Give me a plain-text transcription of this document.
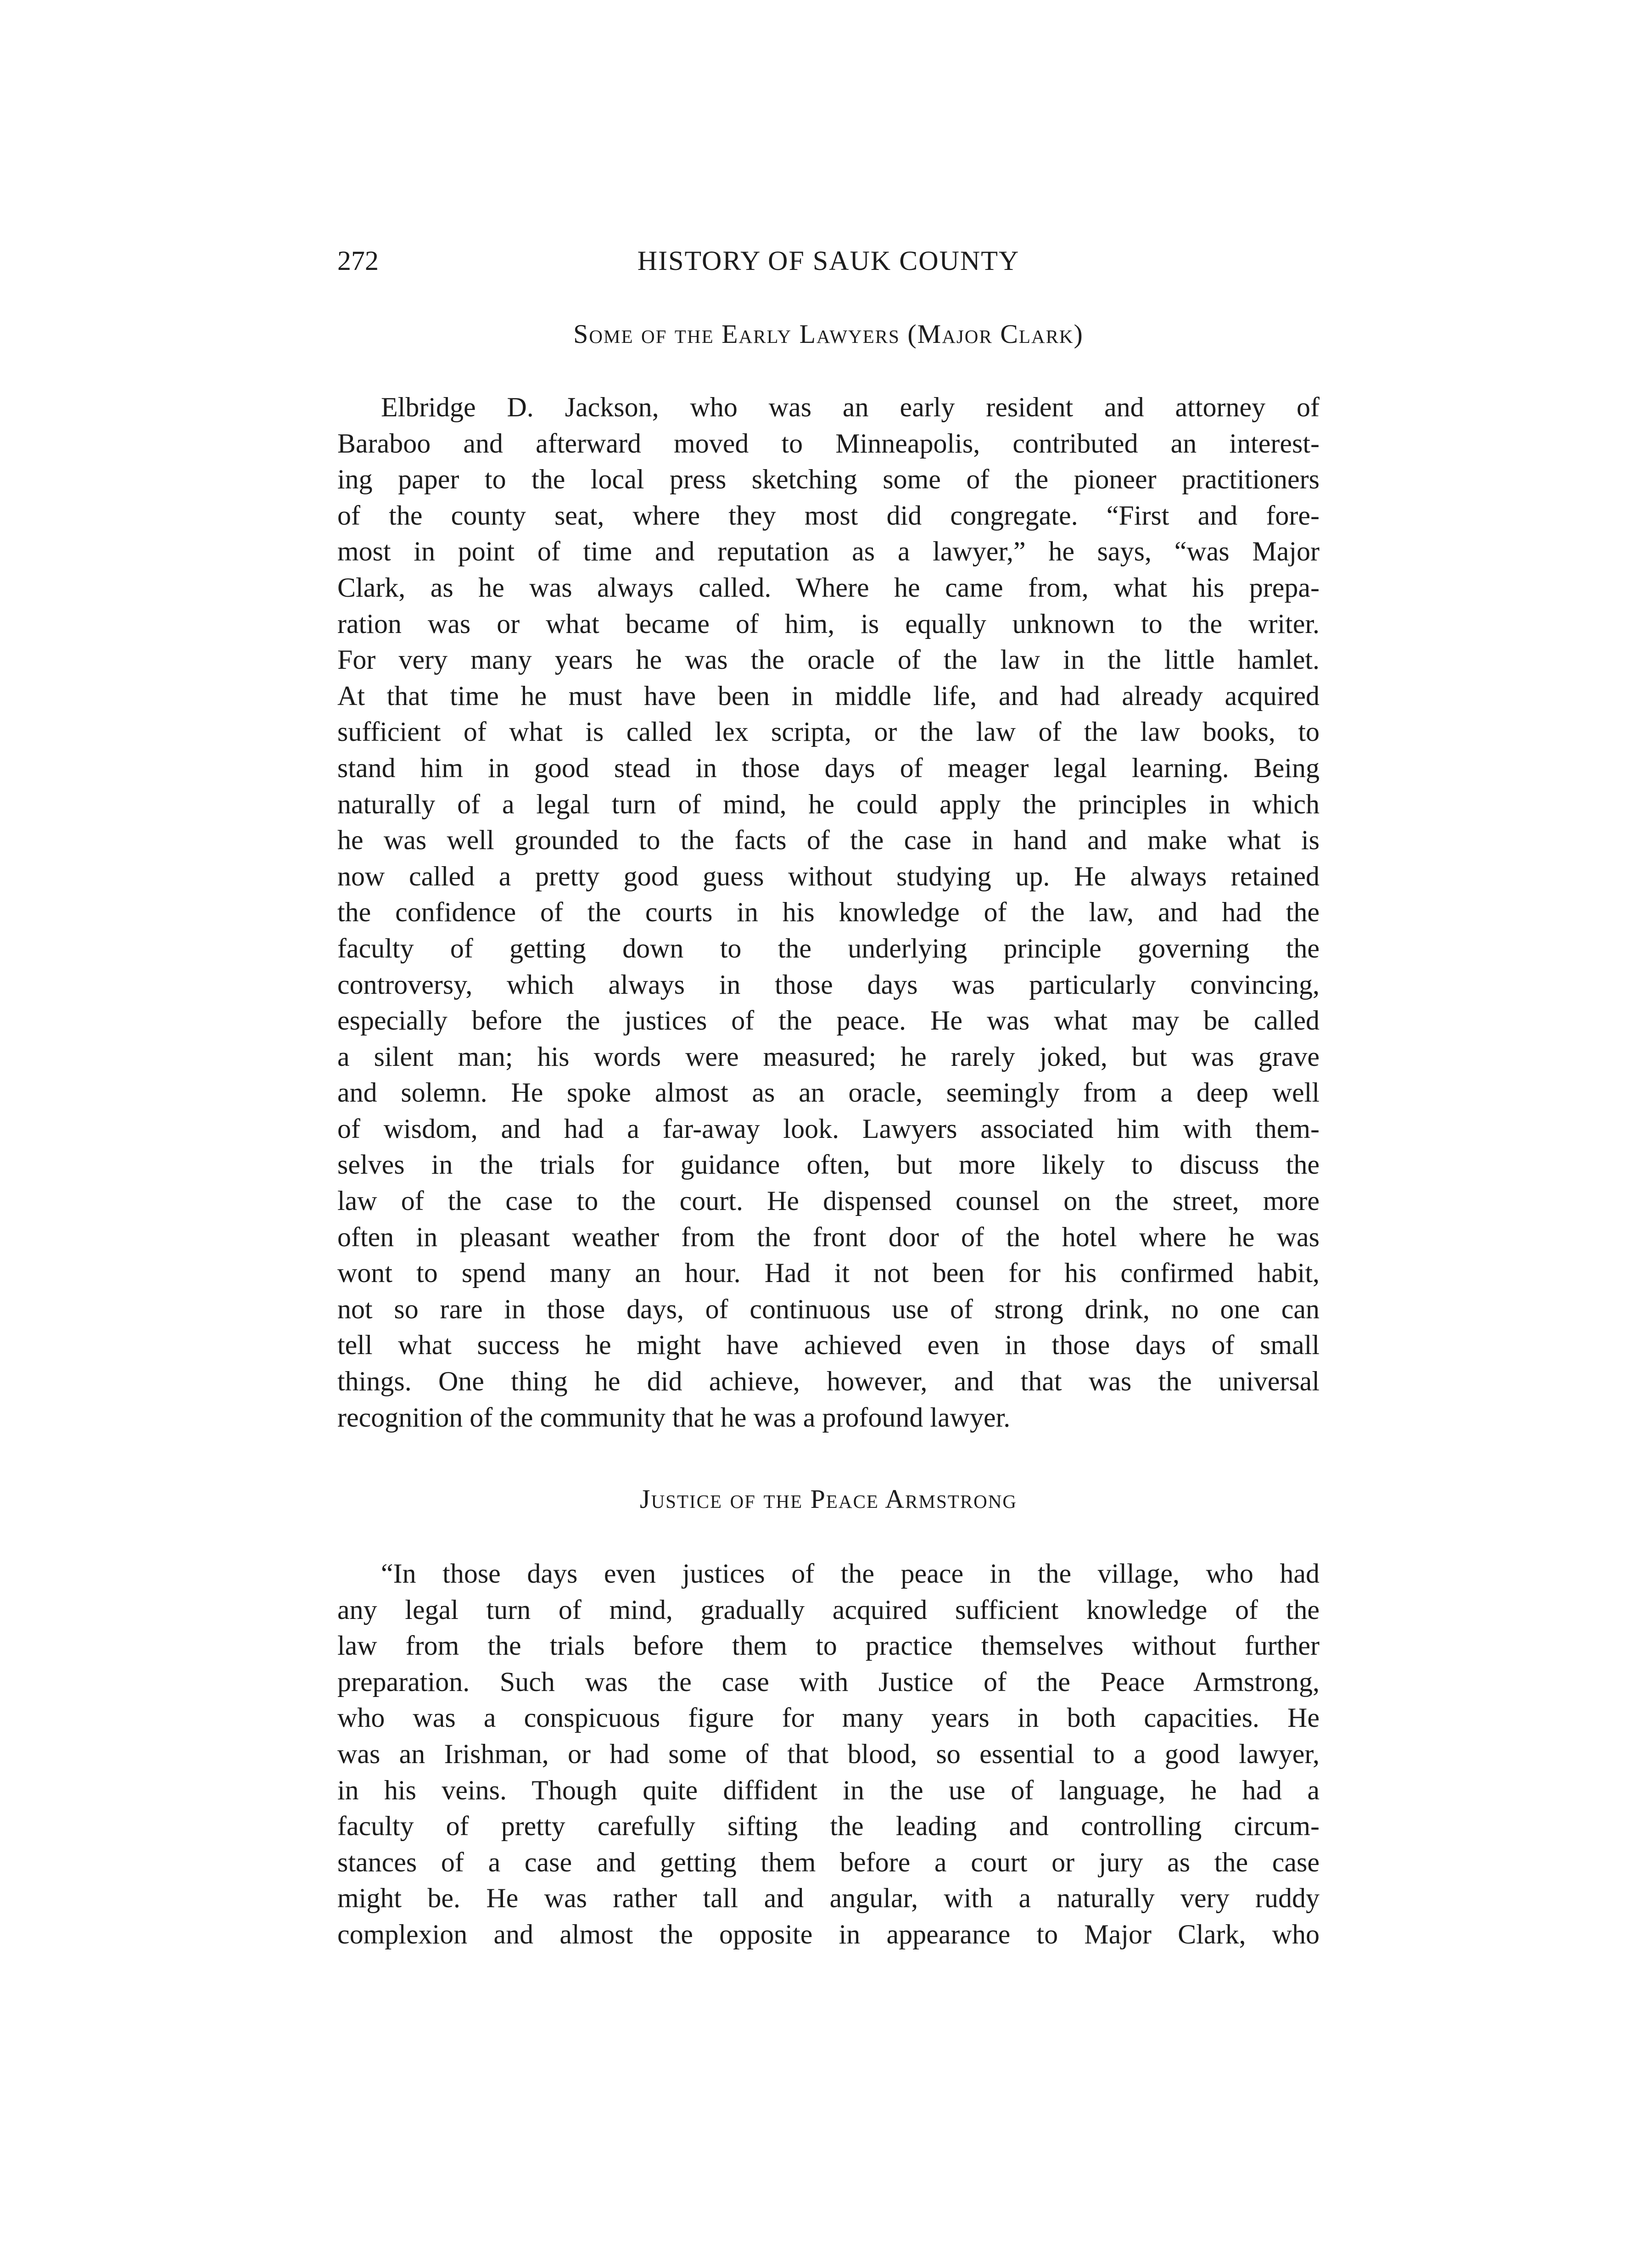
272	HISTORY OF SAUK COUNTY
Some of the Early Lawyers (Major Clark)
Elbridge D. Jackson, who was an early resident and attorney of
Baraboo and afterward moved to Minneapolis, contributed an interest-
ing paper to the local press sketching some of the pioneer practitioners
of the county seat, where they most did congregate. “First and fore-
most in point of time and reputation as a lawyer,” he says, “was Major
Clark, as he was always called. Where he came from, what his prepa-
ration was or what became of him, is equally unknown to the writer.
For very many years he was the oracle of the law in the little hamlet.
At that time he must have been in middle life, and had already acquired
sufficient of what is called lex scripta, or the law of the law books, to
stand him in good stead in those days of meager legal learning. Being
naturally of a legal turn of mind, he could apply the principles in which
he was well grounded to the facts of the case in hand and make what is
now called a pretty good guess without studying up. He always retained
the confidence of the courts in his knowledge of the law, and had the
faculty of getting down to the underlying principle governing the
controversy, which always in those days was particularly convincing,
especially before the justices of the peace. He was what may be called
a silent man; his words were measured; he rarely joked, but was grave
and solemn. He spoke almost as an oracle, seemingly from a deep well
of wisdom, and had a far-away look. Lawyers associated him with them-
selves in the trials for guidance often, but more likely to discuss the
law of the case to the court. He dispensed counsel on the street, more
often in pleasant weather from the front door of the hotel where he was
wont to spend many an hour. Had it not been for his confirmed habit,
not so rare in those days, of continuous use of strong drink, no one can
tell what success he might have achieved even in those days of small
things. One thing he did achieve, however, and that was the universal
recognition of the community that he was a profound lawyer.
Justice of the Peace Armstrong
“In those days even justices of the peace in the village, who had
any legal turn of mind, gradually acquired sufficient knowledge of the
law from the trials before them to practice themselves without further
preparation. Such was the case with Justice of the Peace Armstrong,
who was a conspicuous figure for many years in both capacities. He
was an Irishman, or had some of that blood, so essential to a good lawyer,
in his veins. Though quite diffident in the use of language, he had a
faculty of pretty carefully sifting the leading and controlling circum-
stances of a case and getting them before a court or jury as the case
might be. He was rather tall and angular, with a naturally very ruddy
complexion and almost the opposite in appearance to Major Clark, who
